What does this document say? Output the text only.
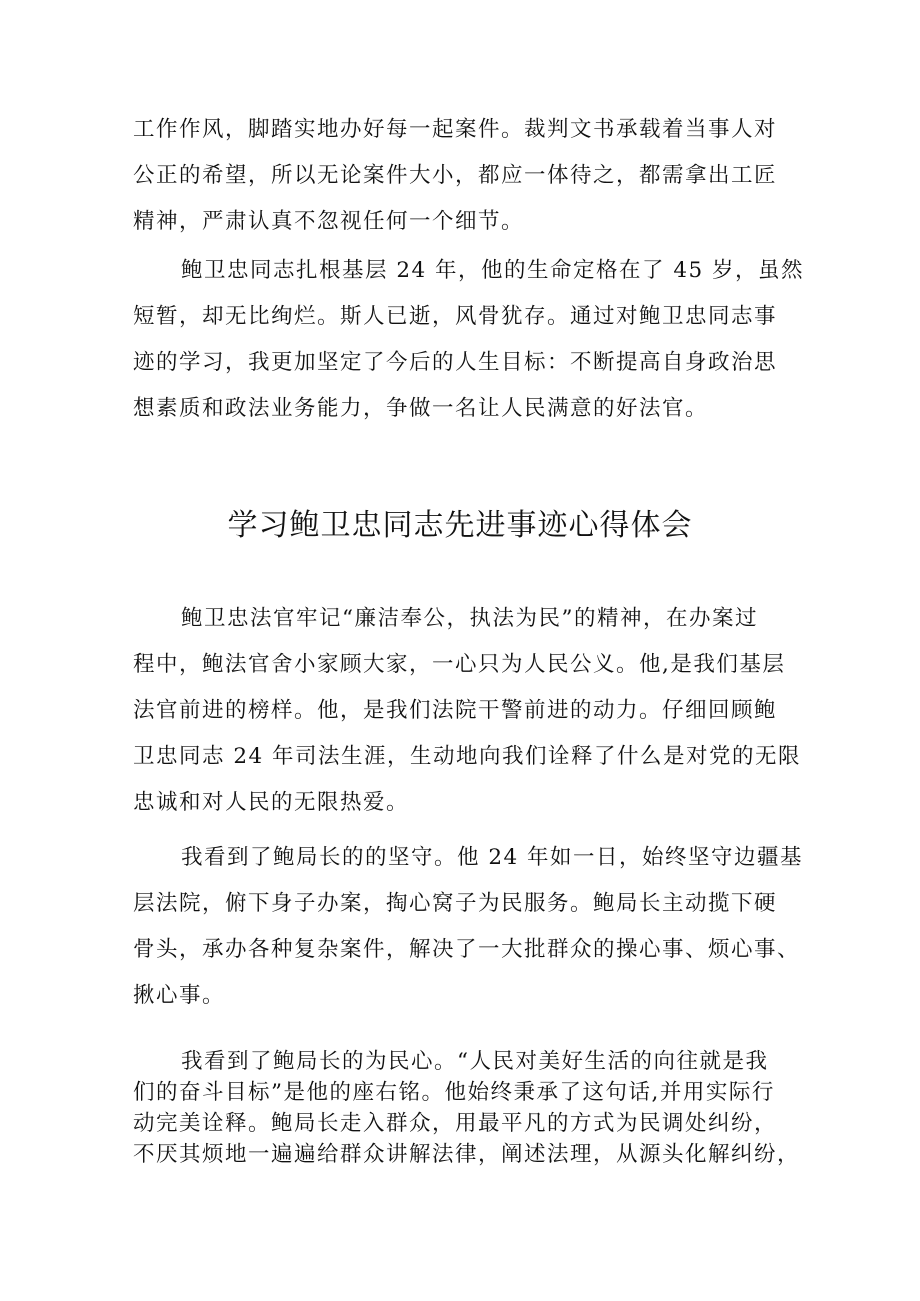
工作作风，脚踏实地办好每一起案件。裁判文书承载着当事人对
公正的希望，所以无论案件大小，都应一体待之，都需拿出工匠
精神，严肃认真不忽视任何一个细节。
鲍卫忠同志扎根基层 24 年，他的生命定格在了 45 岁，虽然
短暂，却无比绚烂。斯人已逝，风骨犹存。通过对鲍卫忠同志事
迹的学习，我更加坚定了今后的人生目标：不断提高自身政治思
想素质和政法业务能力，争做一名让人民满意的好法官。
学习鲍卫忠同志先进事迹心得体会
鲍卫忠法官牢记“廉洁奉公，执法为民”的精神，在办案过
程中，鲍法官舍小家顾大家，一心只为人民公义。他,是我们基层
法官前进的榜样。他，是我们法院干警前进的动力。仔细回顾鲍
卫忠同志 24 年司法生涯，生动地向我们诠释了什么是对党的无限
忠诚和对人民的无限热爱。
我看到了鲍局长的的坚守。他 24 年如一日，始终坚守边疆基
层法院，俯下身子办案，掏心窝子为民服务。鲍局长主动揽下硬
骨头，承办各种复杂案件，解决了一大批群众的操心事、烦心事、
揪心事。
我看到了鲍局长的为民心。“人民对美好生活的向往就是我
们的奋斗目标”是他的座右铭。他始终秉承了这句话,并用实际行
动完美诠释。鲍局长走入群众，用最平凡的方式为民调处纠纷，
不厌其烦地一遍遍给群众讲解法律，阐述法理，从源头化解纠纷，
